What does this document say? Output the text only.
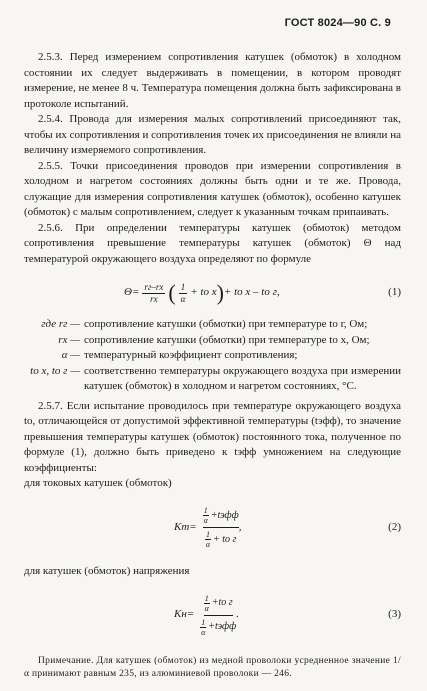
ГОСТ 8024—90 С. 9

2.5.3. Перед измерением сопротивления катушек (обмоток) в холодном состоянии их следует выдерживать в помещении, в котором проводят измерение, не менее 8 ч. Температура помещения должна быть зафиксирована в протоколе испытаний.

2.5.4. Провода для измерения малых сопротивлений присоединяют так, чтобы их сопротивления и сопротивления точек их присоединения не влияли на величину измеряемого сопротивления.

2.5.5. Точки присоединения проводов при измерении сопротивления в холодном и нагретом состояниях должны быть одни и те же. Провода, служащие для измерения сопротивления катушек (обмоток), особенно катушек (обмоток) с малым сопротивлением, следует к указанным точкам припаивать.

2.5.6. При определении температуры катушек (обмоток) методом сопротивления превышение температуры катушек (обмоток) Θ над температурой окружающего воздуха определяют по формуле

$\Theta= \frac{rг-rх}{rх}$ ( $\frac{1}{\alpha}$ + tо х ) + tо х – tо г,	(1)
где rг — сопротивление катушки (обмотки) при температуре tо г, Ом;
rх — сопротивление катушки (обмотки) при температуре tо х, Ом;
α — температурный коэффициент сопротивления;
tо х, tо г — соответственно температуры окружающего воздуха при измерении катушек (обмоток) в холодном и нагретом состояниях, °С.

2.5.7. Если испытание проводилось при температуре окружающего воздуха tо, отличающейся от допустимой эффективной температуры (tэфф), то значение превышения температуры катушек (обмоток) постоянного тока, полученное по формуле (1), должно быть приведено к tэфф умножением на следующие коэффициенты:

для токовых катушек (обмоток)

Kт= 1
α +tэфф
1
α + tо г ,	(2)

для катушек (обмоток) напряжения

Kн= 1
α +tо г
1
α +tэфф .	(3)

Примечание. Для катушек (обмоток) из медной проволоки усредненное значение 1/α принимают равным 235, из алюминиевой проволоки — 246.
